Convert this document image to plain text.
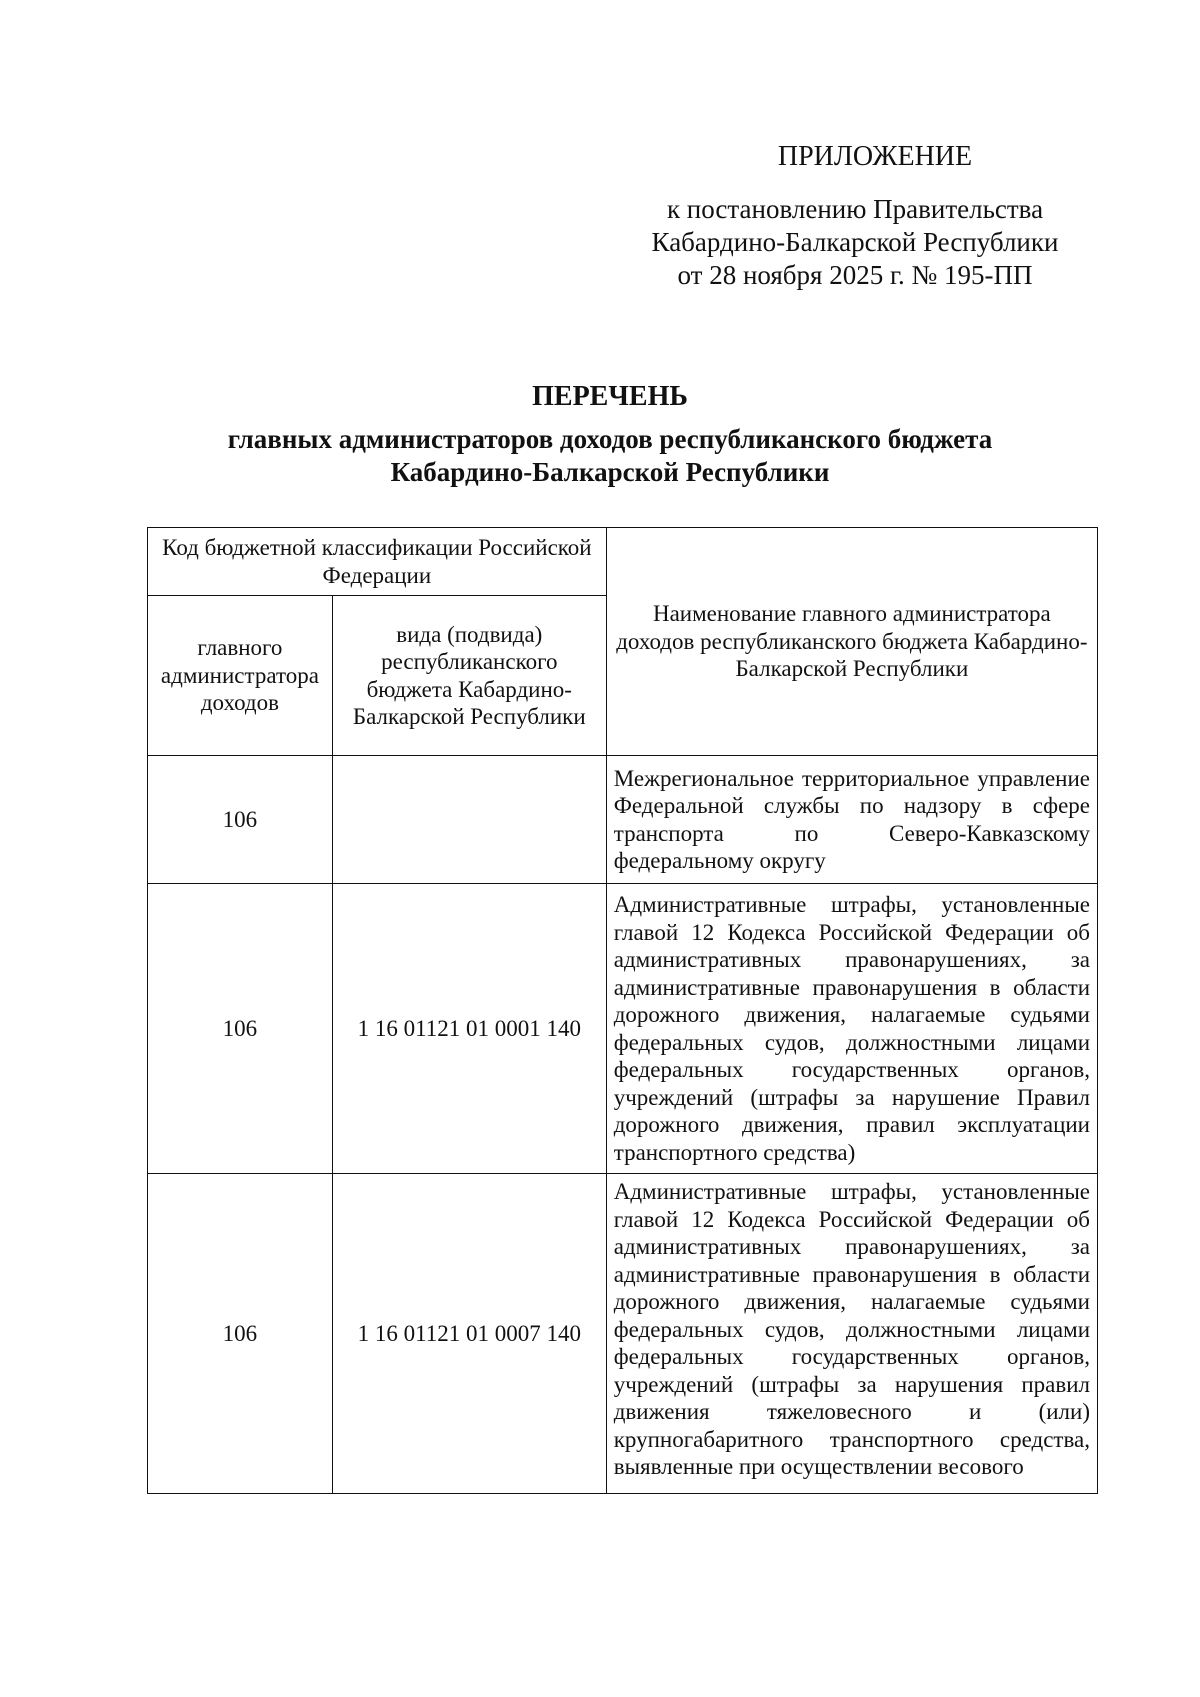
ПРИЛОЖЕНИЕ
к постановлению Правительства
Кабардино-Балкарской Республики
от 28 ноября 2025 г. № 195-ПП
ПЕРЕЧЕНЬ
главных администраторов доходов республиканского бюджета
Кабардино-Балкарской Республики
Код бюджетной классификации Российской Федерации		Наименование главного администратора доходов республиканского бюджета Кабардино-Балкарской Республики
главного администратора доходов	вида (подвида) республиканского бюджета Кабардино-Балкарской Республики	
106		Межрегиональное территориальное управление Федеральной службы по надзору в сфере транспорта по Северо-Кавказскому федеральному округу
106	1 16 01121 01 0001 140	Административные штрафы, установленные главой 12 Кодекса Российской Федерации об административных правонарушениях, за административные правонарушения в области дорожного движения, налагаемые судьями федеральных судов, должностными лицами федеральных государственных органов, учреждений (штрафы за нарушение Правил дорожного движения, правил эксплуатации транспортного средства)
106	1 16 01121 01 0007 140	Административные штрафы, установленные главой 12 Кодекса Российской Федерации об административных правонарушениях, за административные правонарушения в области дорожного движения, налагаемые судьями федеральных судов, должностными лицами федеральных государственных органов, учреждений (штрафы за нарушения правил движения тяжеловесного и (или) крупногабаритного транспортного средства, выявленные при осуществлении весового
